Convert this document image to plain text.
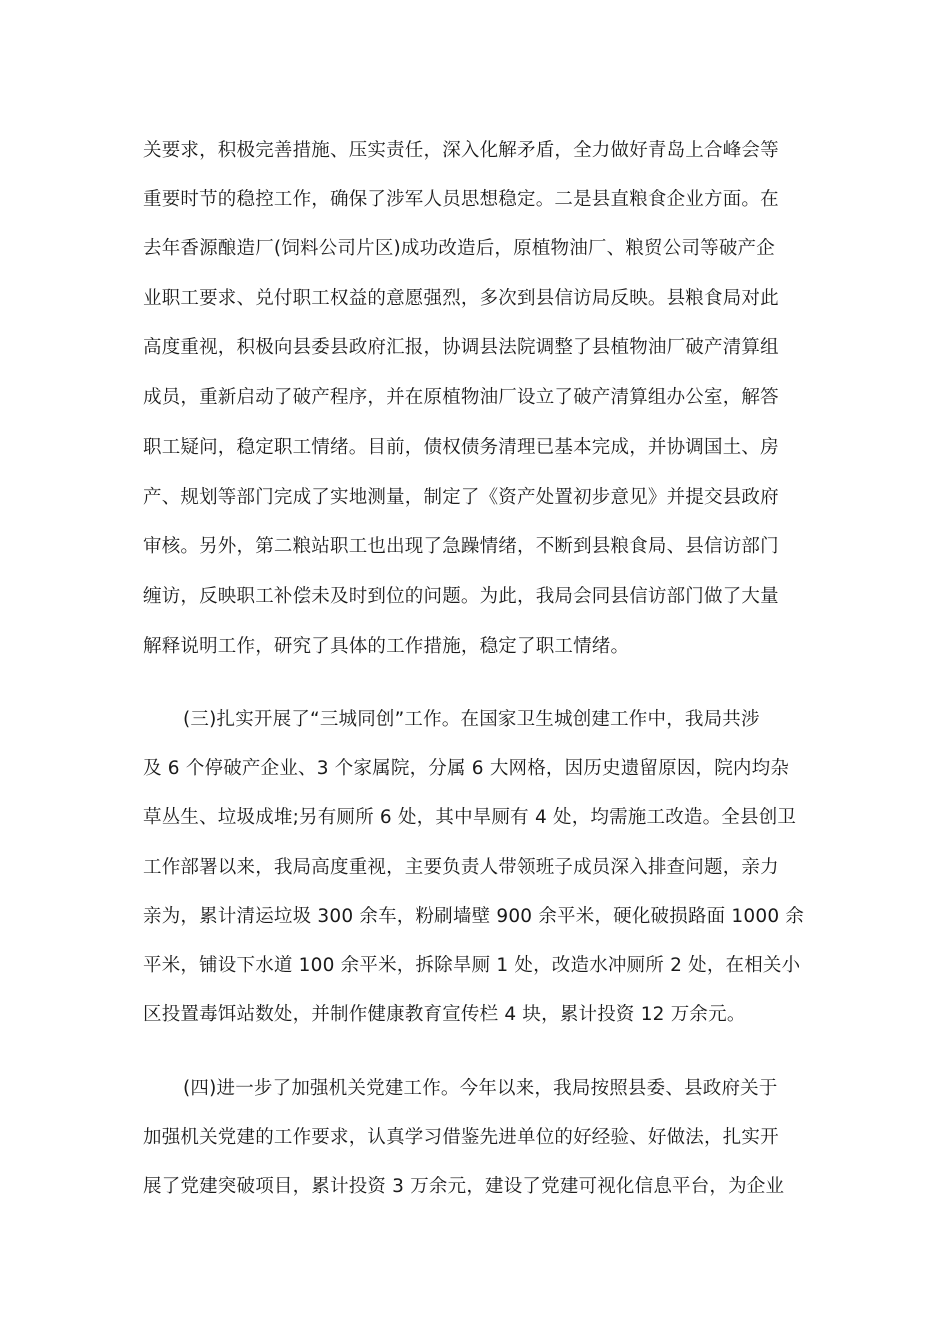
关要求，积极完善措施、压实责任，深入化解矛盾，全力做好青岛上合峰会等
重要时节的稳控工作，确保了涉军人员思想稳定。二是县直粮食企业方面。在
去年香源酿造厂(饲料公司片区)成功改造后，原植物油厂、粮贸公司等破产企
业职工要求、兑付职工权益的意愿强烈，多次到县信访局反映。县粮食局对此
高度重视，积极向县委县政府汇报，协调县法院调整了县植物油厂破产清算组
成员，重新启动了破产程序，并在原植物油厂设立了破产清算组办公室，解答
职工疑问，稳定职工情绪。目前，债权债务清理已基本完成，并协调国土、房
产、规划等部门完成了实地测量，制定了《资产处置初步意见》并提交县政府
审核。另外，第二粮站职工也出现了急躁情绪，不断到县粮食局、县信访部门
缠访，反映职工补偿未及时到位的问题。为此，我局会同县信访部门做了大量
解释说明工作，研究了具体的工作措施，稳定了职工情绪。
(三)扎实开展了“三城同创”工作。在国家卫生城创建工作中，我局共涉
及 6 个停破产企业、3 个家属院，分属 6 大网格，因历史遗留原因，院内均杂
草丛生、垃圾成堆;另有厕所 6 处，其中旱厕有 4 处，均需施工改造。全县创卫
工作部署以来，我局高度重视，主要负责人带领班子成员深入排查问题，亲力
亲为，累计清运垃圾 300 余车，粉刷墙壁 900 余平米，硬化破损路面 1000 余
平米，铺设下水道 100 余平米，拆除旱厕 1 处，改造水冲厕所 2 处，在相关小
区投置毒饵站数处，并制作健康教育宣传栏 4 块，累计投资 12 万余元。
(四)进一步了加强机关党建工作。今年以来，我局按照县委、县政府关于
加强机关党建的工作要求，认真学习借鉴先进单位的好经验、好做法，扎实开
展了党建突破项目，累计投资 3 万余元，建设了党建可视化信息平台，为企业
